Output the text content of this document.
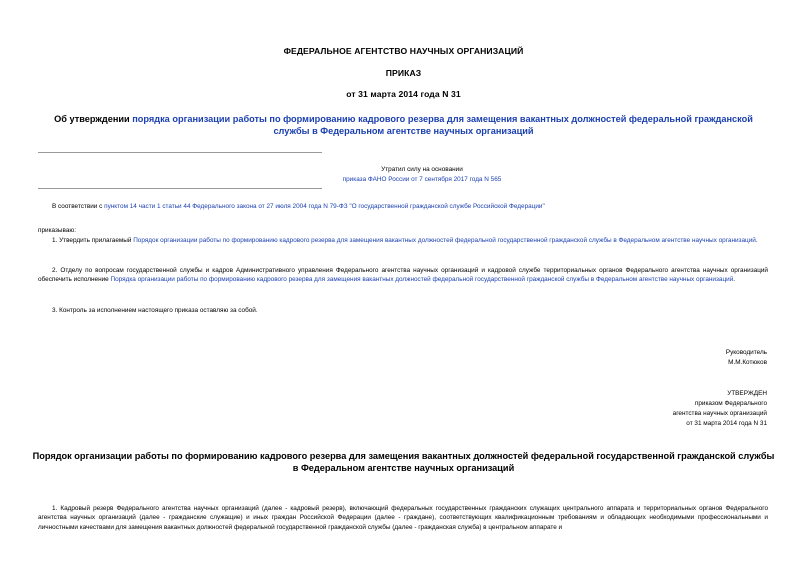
ФЕДЕРАЛЬНОЕ АГЕНТСТВО НАУЧНЫХ ОРГАНИЗАЦИЙ
ПРИКАЗ
от 31 марта 2014 года N 31
Об утверждении порядка организации работы по формированию кадрового резерва для замещения вакантных должностей федеральной гражданской службы в Федеральном агентстве научных организаций
Утратил силу на основании
приказа ФАНО России от 7 сентября 2017 года N 565
В соответствии с пунктом 14 части 1 статьи 44 Федерального закона от 27 июля 2004 года N 79-ФЗ "О государственной гражданской службе Российской Федерации"
приказываю:
1. Утвердить прилагаемый Порядок организации работы по формированию кадрового резерва для замещения вакантных должностей федеральной государственной гражданской службы в Федеральном агентстве научных организаций.
2. Отделу по вопросам государственной службы и кадров Административного управления Федерального агентства научных организаций и кадровой службе территориальных органов Федерального агентства научных организаций обеспечить исполнение Порядка организации работы по формированию кадрового резерва для замещения вакантных должностей федеральной государственной гражданской службы в Федеральном агентстве научных организаций.
3. Контроль за исполнением настоящего приказа оставляю за собой.
Руководитель
М.М.Котюков
УТВЕРЖДЕН
приказом Федерального
агентства научных организаций
от 31 марта 2014 года N 31
Порядок организации работы по формированию кадрового резерва для замещения вакантных должностей федеральной государственной гражданской службы в Федеральном агентстве научных организаций
1. Кадровый резерв Федерального агентства научных организаций (далее - кадровый резерв), включающий федеральных государственных гражданских служащих центрального аппарата и территориальных органов Федерального агентства научных организаций (далее - гражданские служащие) и иных граждан Российской Федерации (далее - граждане), соответствующих квалификационным требованиям и обладающих необходимыми профессиональными и личностными качествами для замещения вакантных должностей федеральной государственной гражданской службы (далее - гражданская служба) в центральном аппарате и
